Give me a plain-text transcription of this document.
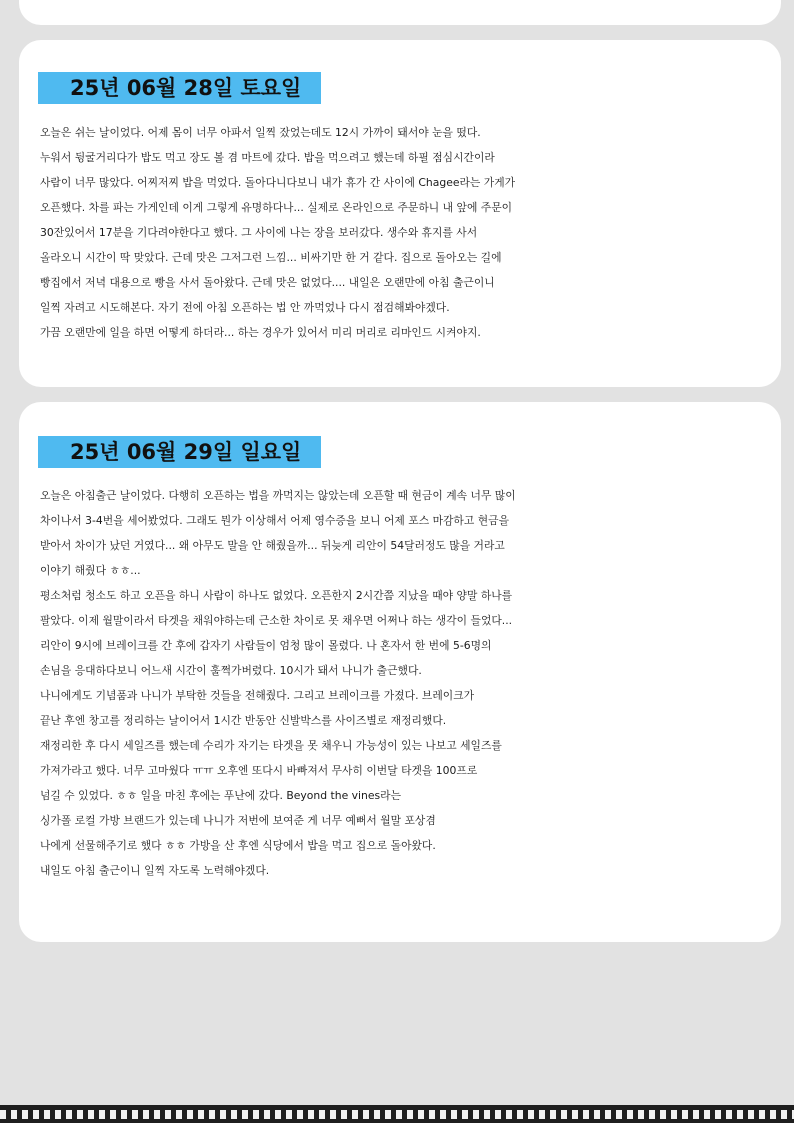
25년 06월 28일 토요일

오늘은 쉬는 날이었다. 어제 몸이 너무 아파서 일찍 잤었는데도 12시 가까이 돼서야 눈을 떴다.

누워서 뒹굴거리다가 밥도 먹고 장도 볼 겸 마트에 갔다. 밥을 먹으려고 했는데 하필 점심시간이라

사람이 너무 많았다. 어찌저찌 밥을 먹었다. 돌아다니다보니 내가 휴가 간 사이에 Chagee라는 가게가

오픈했다. 차를 파는 가게인데 이게 그렇게 유명하다나... 실제로 온라인으로 주문하니 내 앞에 주문이

30잔있어서 17분을 기다려야한다고 했다. 그 사이에 나는 장을 보러갔다. 생수와 휴지를 사서

올라오니 시간이 딱 맞았다. 근데 맛은 그저그런 느낌... 비싸기만 한 거 같다. 집으로 돌아오는 길에

빵집에서 저녁 대용으로 빵을 사서 돌아왔다. 근데 맛은 없었다.... 내일은 오랜만에 아침 출근이니

일찍 자려고 시도해본다. 자기 전에 아침 오픈하는 법 안 까먹었나 다시 점검해봐야겠다.

가끔 오랜만에 일을 하면 어떻게 하더라... 하는 경우가 있어서 미리 머리로 리마인드 시켜야지.

25년 06월 29일 일요일

오늘은 아침출근 날이었다. 다행히 오픈하는 법을 까먹지는 않았는데 오픈할 때 현금이 계속 너무 많이

차이나서 3-4번을 세어봤었다. 그래도 뭔가 이상해서 어제 영수증을 보니 어제 포스 마감하고 현금을

받아서 차이가 났던 거였다... 왜 아무도 말을 안 해줬을까... 뒤늦게 리안이 54달러정도 많을 거라고

이야기 해줬다 ㅎㅎ...

평소처럼 청소도 하고 오픈을 하니 사람이 하나도 없었다. 오픈한지 2시간쯤 지났을 때야 양말 하나를

팔았다. 이제 월말이라서 타겟을 채워야하는데 근소한 차이로 못 채우면 어쩌나 하는 생각이 들었다...

리안이 9시에 브레이크를 간 후에 갑자기 사람들이 엄청 많이 몰렸다. 나 혼자서 한 번에 5-6명의

손님을 응대하다보니 어느새 시간이 훌쩍가버렸다. 10시가 돼서 나니가 출근했다.

나니에게도 기념품과 나니가 부탁한 것들을 전해줬다. 그리고 브레이크를 가졌다. 브레이크가

끝난 후엔 창고를 정리하는 날이어서 1시간 반동안 신발박스를 사이즈별로 재정리했다.

재정리한 후 다시 세일즈를 했는데 수리가 자기는 타겟을 못 채우니 가능성이 있는 나보고 세일즈를

가져가라고 했다. 너무 고마웠다 ㅠㅠ 오후엔 또다시 바빠져서 무사히 이번달 타겟을 100프로

넘길 수 있었다. ㅎㅎ 일을 마친 후에는 푸난에 갔다. Beyond the vines라는

싱가폴 로컬 가방 브랜드가 있는데 나니가 저번에 보여준 게 너무 예뻐서 월말 포상겸

나에게 선물해주기로 했다 ㅎㅎ 가방을 산 후엔 식당에서 밥을 먹고 집으로 돌아왔다.

내일도 아침 출근이니 일찍 자도록 노력해야겠다.
